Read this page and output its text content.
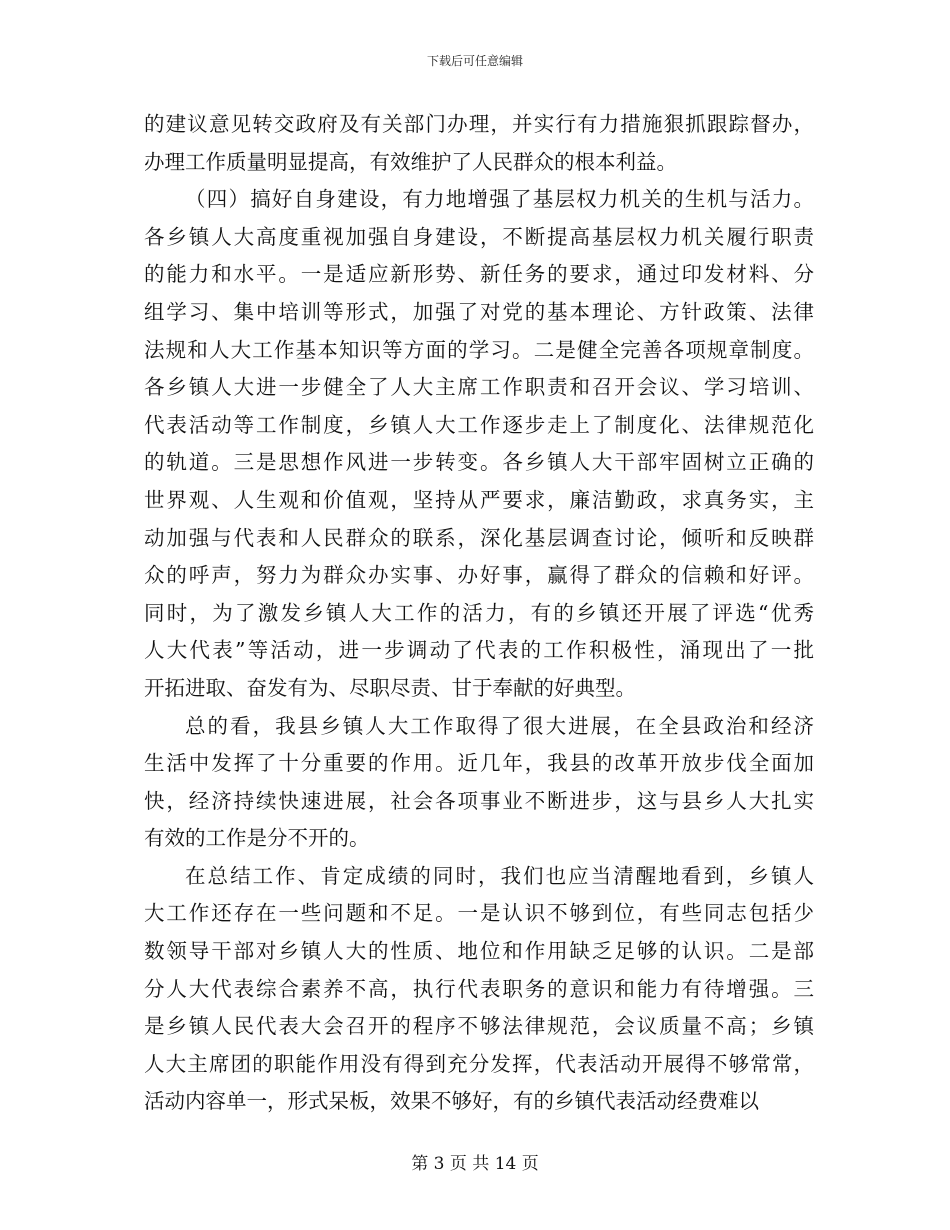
下载后可任意编辑
的建议意见转交政府及有关部门办理，并实行有力措施狠抓跟踪督办，
办理工作质量明显提高，有效维护了人民群众的根本利益。
（四）搞好自身建设，有力地增强了基层权力机关的生机与活力。
各乡镇人大高度重视加强自身建设，不断提高基层权力机关履行职责
的能力和水平。一是适应新形势、新任务的要求，通过印发材料、分
组学习、集中培训等形式，加强了对党的基本理论、方针政策、法律
法规和人大工作基本知识等方面的学习。二是健全完善各项规章制度。
各乡镇人大进一步健全了人大主席工作职责和召开会议、学习培训、
代表活动等工作制度，乡镇人大工作逐步走上了制度化、法律规范化
的轨道。三是思想作风进一步转变。各乡镇人大干部牢固树立正确的
世界观、人生观和价值观，坚持从严要求，廉洁勤政，求真务实，主
动加强与代表和人民群众的联系，深化基层调查讨论，倾听和反映群
众的呼声，努力为群众办实事、办好事，赢得了群众的信赖和好评。
同时，为了激发乡镇人大工作的活力，有的乡镇还开展了评选“优秀
人大代表”等活动，进一步调动了代表的工作积极性，涌现出了一批
开拓进取、奋发有为、尽职尽责、甘于奉献的好典型。
总的看，我县乡镇人大工作取得了很大进展，在全县政治和经济
生活中发挥了十分重要的作用。近几年，我县的改革开放步伐全面加
快，经济持续快速进展，社会各项事业不断进步，这与县乡人大扎实
有效的工作是分不开的。
在总结工作、肯定成绩的同时，我们也应当清醒地看到，乡镇人
大工作还存在一些问题和不足。一是认识不够到位，有些同志包括少
数领导干部对乡镇人大的性质、地位和作用缺乏足够的认识。二是部
分人大代表综合素养不高，执行代表职务的意识和能力有待增强。三
是乡镇人民代表大会召开的程序不够法律规范，会议质量不高；乡镇
人大主席团的职能作用没有得到充分发挥，代表活动开展得不够常常，
活动内容单一，形式呆板，效果不够好，有的乡镇代表活动经费难以
第 3 页 共 14 页
